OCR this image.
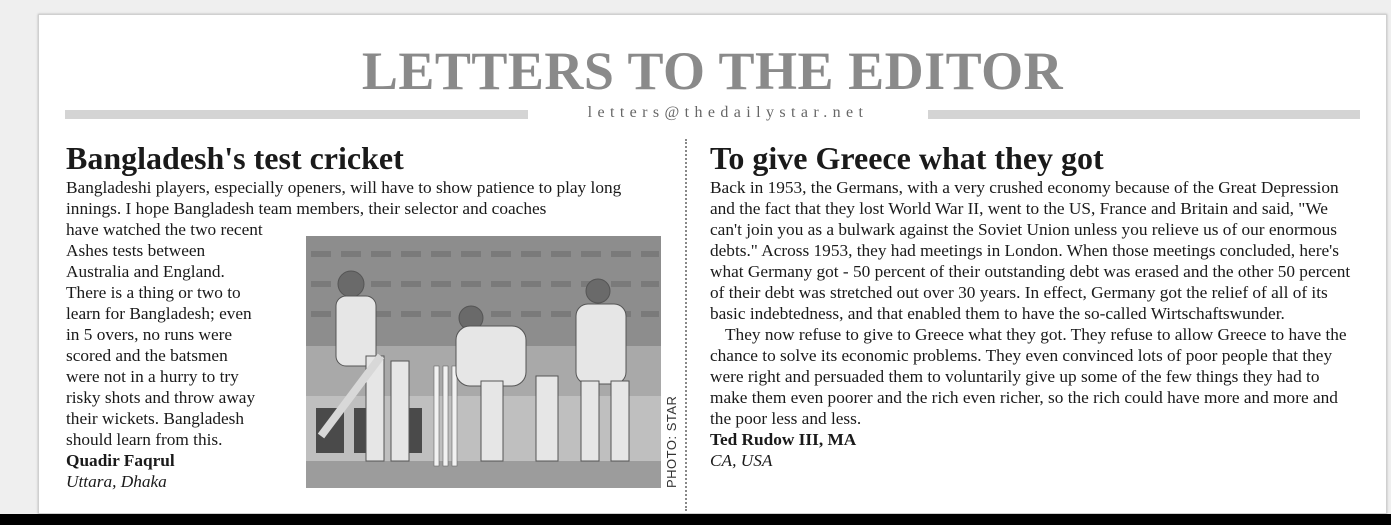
LETTERS TO THE EDITOR
letters@thedailystar.net
Bangladesh's test cricket
Bangladeshi players, especially openers, will have to show patience to play long innings. I hope Bangladesh team members, their selector and coaches

have watched the two recent

Ashes tests between

Australia and England.

There is a thing or two to

learn for Bangladesh; even

in 5 overs, no runs were

scored and the batsmen

were not in a hurry to try

risky shots and throw away

their wickets. Bangladesh

should learn from this.

Quadir Faqrul

Uttara, Dhaka	PHOTO: STAR
To give Greece what they got

Back in 1953, the Germans, with a very crushed economy because of the Great Depression and the fact that they lost World War II, went to the US, France and Britain and said, "We can't join you as a bulwark against the Soviet Union unless you relieve us of our enormous debts." Across 1953, they had meetings in London. When those meetings concluded, here's what Germany got - 50 percent of their outstanding debt was erased and the other 50 percent of their debt was stretched out over 30 years. In effect, Germany got the relief of all of its basic indebtedness, and that enabled them to have the so-called Wirtschaftswunder.

They now refuse to give to Greece what they got. They refuse to allow Greece to have the chance to solve its economic problems. They even convinced lots of poor people that they were right and persuaded them to voluntarily give up some of the few things they had to make them even poorer and the rich even richer, so the rich could have more and more and the poor less and less.

Ted Rudow III, MA

CA, USA
